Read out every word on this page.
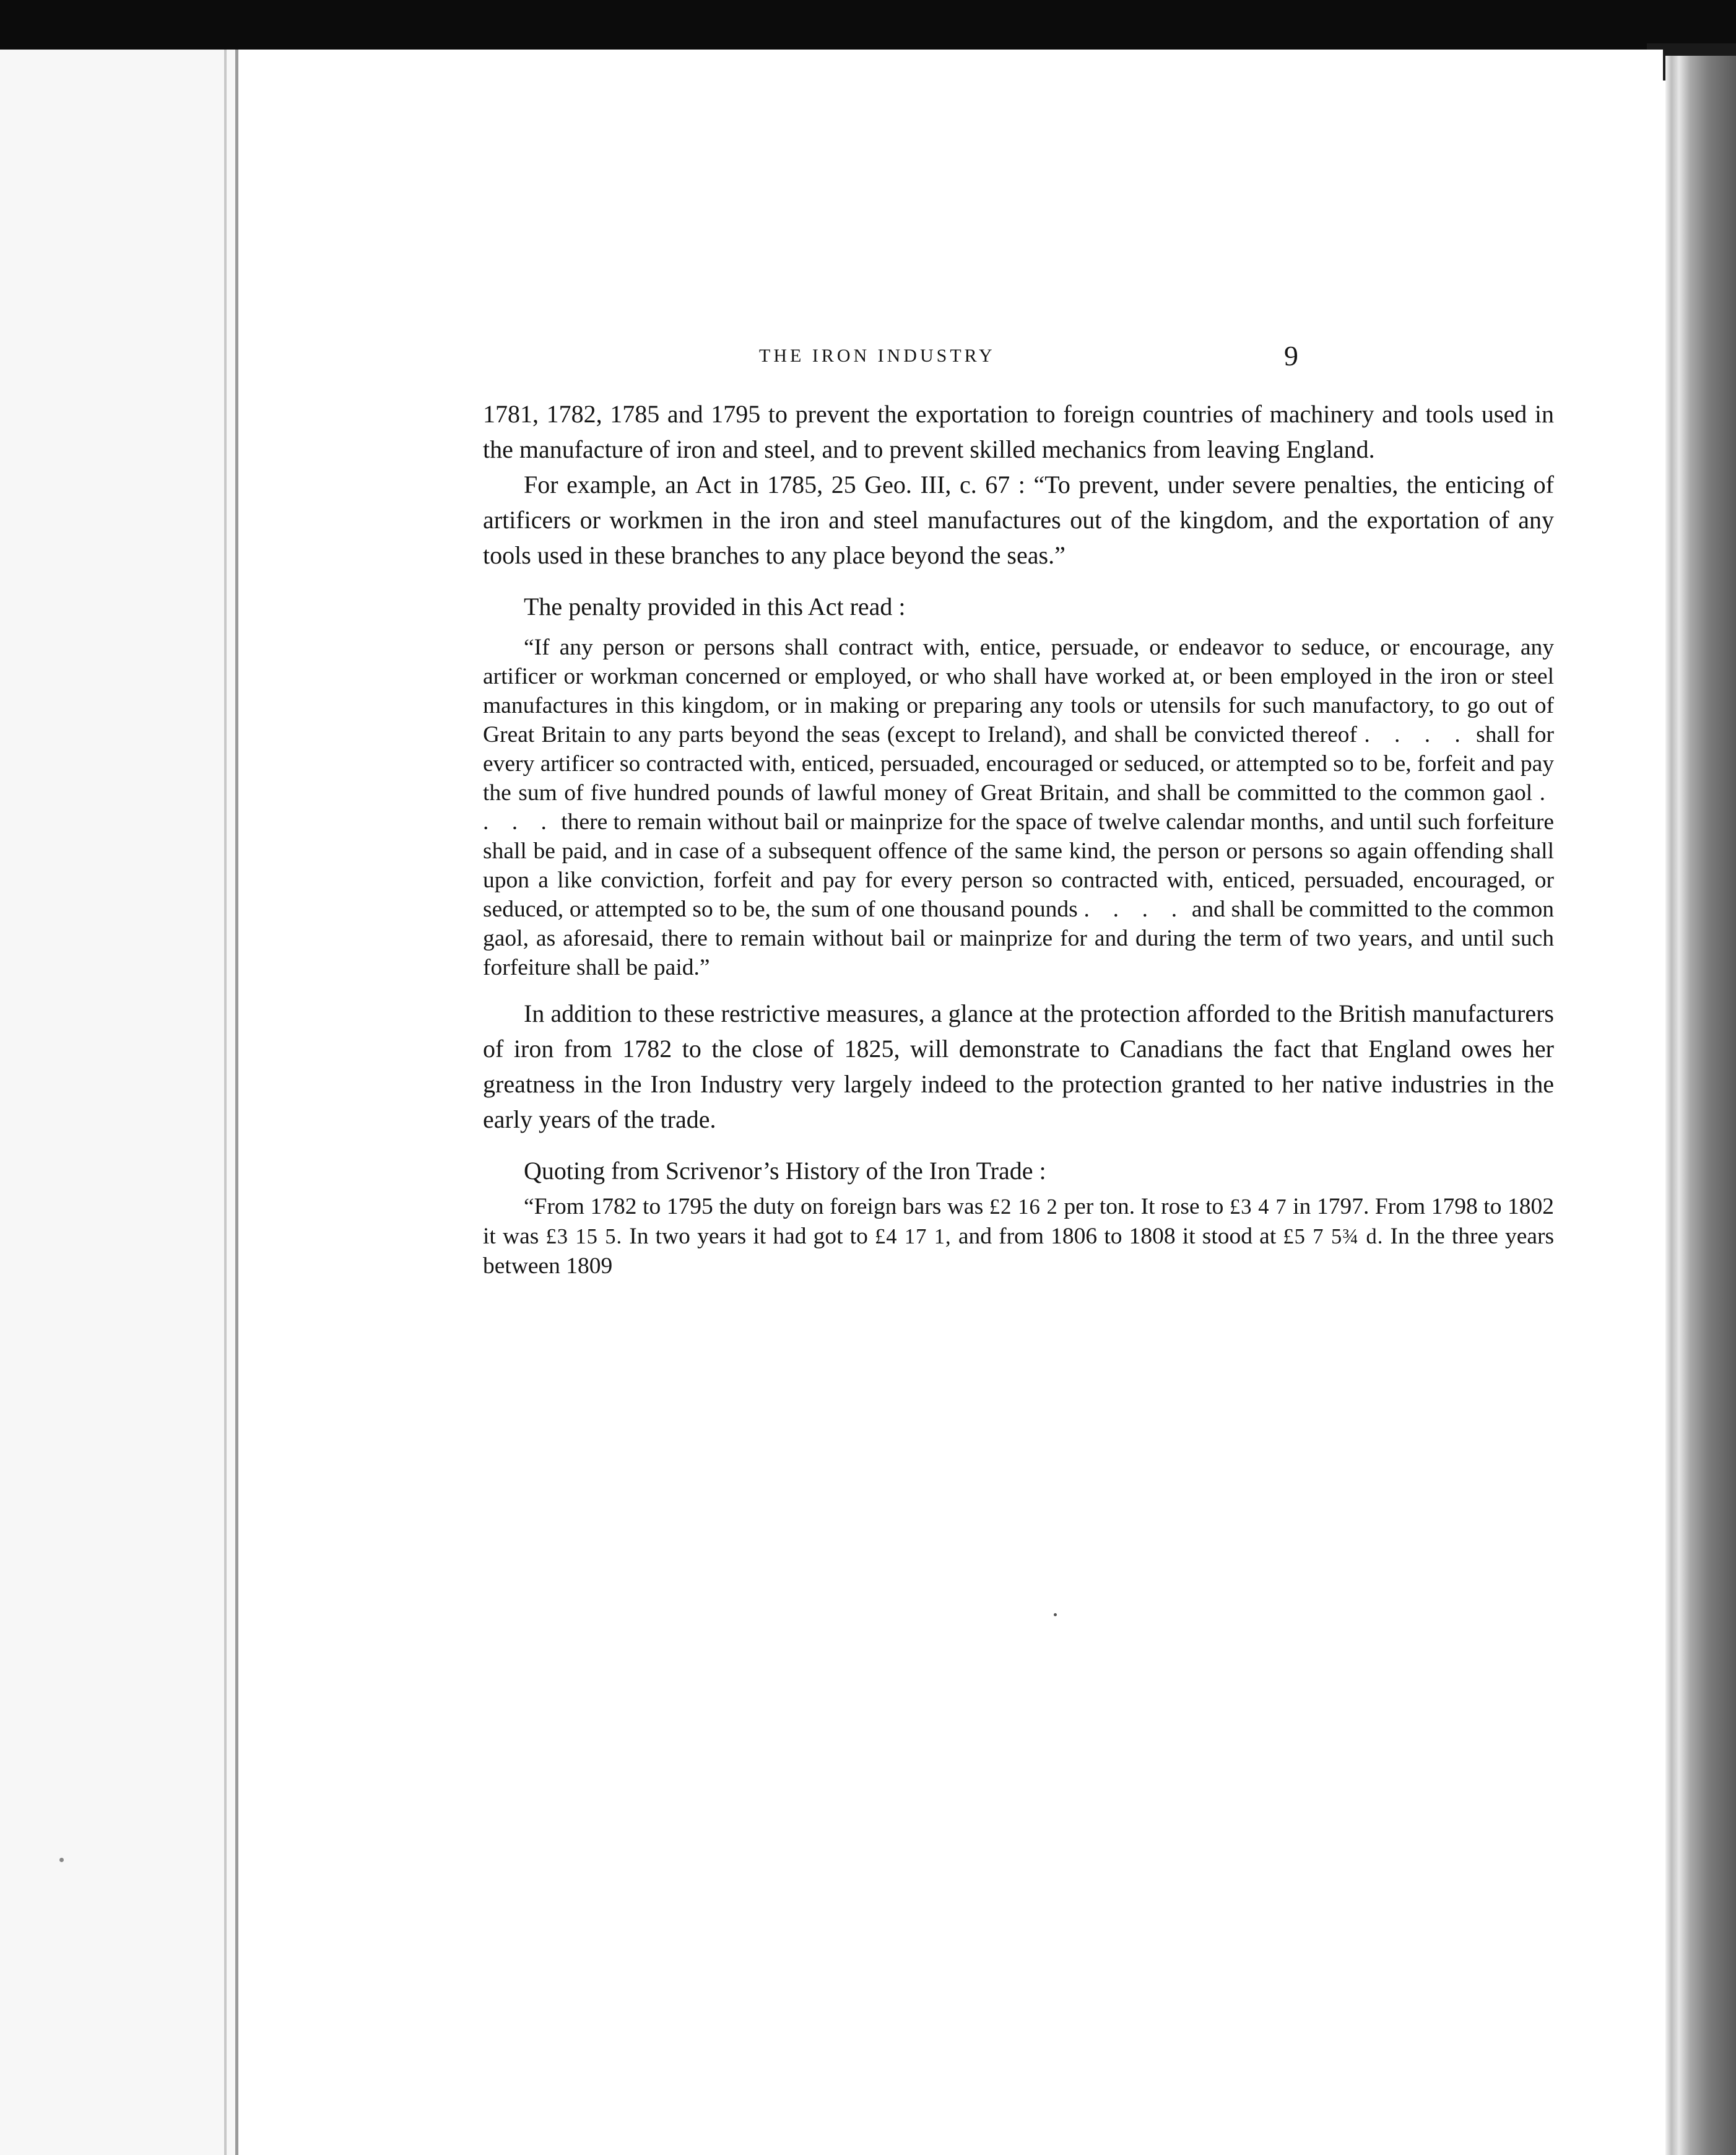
THE IRON INDUSTRY	9

1781, 1782, 1785 and 1795 to prevent the exportation to foreign countries of machinery and tools used in the manufacture of iron and steel, and to prevent skilled mechanics from leaving England.

For example, an Act in 1785, 25 Geo. III, c. 67 : “To prevent, under severe penalties, the enticing of artificers or workmen in the iron and steel manufactures out of the kingdom, and the exportation of any tools used in these branches to any place beyond the seas.”

The penalty provided in this Act read :

“If any person or persons shall contract with, entice, persuade, or endeavor to seduce, or encourage, any artificer or workman concerned or employed, or who shall have worked at, or been employed in the iron or steel manufactures in this kingdom, or in making or preparing any tools or utensils for such manufactory, to go out of Great Britain to any parts beyond the seas (except to Ireland), and shall be convicted thereof . . . . shall for every artificer so contracted with, enticed, persuaded, encouraged or seduced, or attempted so to be, forfeit and pay the sum of five hundred pounds of lawful money of Great Britain, and shall be committed to the common gaol . . . . there to remain without bail or mainprize for the space of twelve calendar months, and until such forfeiture shall be paid, and in case of a subsequent offence of the same kind, the person or persons so again offending shall upon a like conviction, forfeit and pay for every person so contracted with, enticed, persuaded, encouraged, or seduced, or attempted so to be, the sum of one thousand pounds . . . . and shall be committed to the common gaol, as aforesaid, there to remain without bail or mainprize for and during the term of two years, and until such forfeiture shall be paid.”

In addition to these restrictive measures, a glance at the protection afforded to the British manufacturers of iron from 1782 to the close of 1825, will demonstrate to Canadians the fact that England owes her greatness in the Iron Industry very largely indeed to the protection granted to her native industries in the early years of the trade.

Quoting from Scrivenor’s History of the Iron Trade :

“From 1782 to 1795 the duty on foreign bars was £2 16 2 per ton. It rose to £3 4 7 in 1797. From 1798 to 1802 it was £3 15 5. In two years it had got to £4 17 1, and from 1806 to 1808 it stood at £5 7 5¾ d. In the three years between 1809
